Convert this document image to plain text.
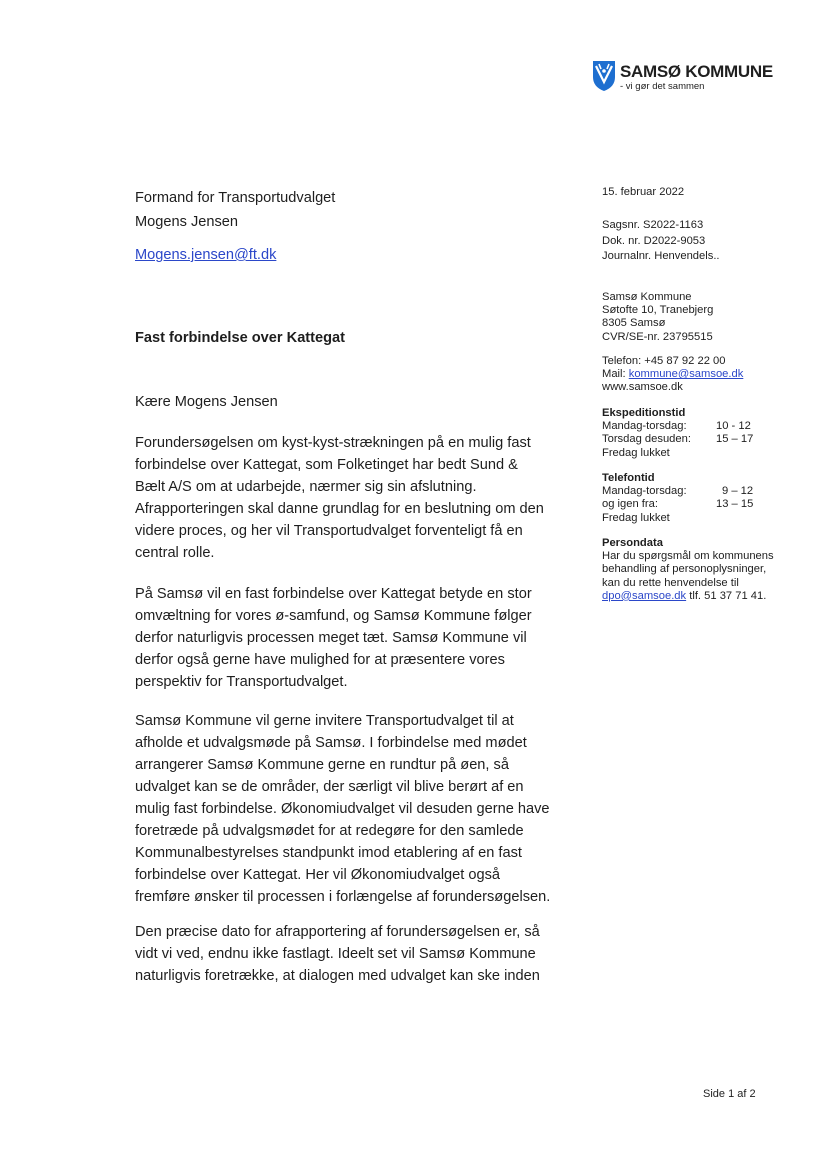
SAMSØ KOMMUNE
- vi gør det sammen

Formand for Transportudvalget

Mogens Jensen

Mogens.jensen@ft.dk
Fast forbindelse over Kattegat
Kære Mogens Jensen

Forundersøgelsen om kyst-kyst-strækningen på en mulig fast
forbindelse over Kattegat, som Folketinget har bedt Sund &
Bælt A/S om at udarbejde, nærmer sig sin afslutning.
Afrapporteringen skal danne grundlag for en beslutning om den
videre proces, og her vil Transportudvalget forventeligt få en
central rolle.

På Samsø vil en fast forbindelse over Kattegat betyde en stor
omvæltning for vores ø-samfund, og Samsø Kommune følger
derfor naturligvis processen meget tæt. Samsø Kommune vil
derfor også gerne have mulighed for at præsentere vores
perspektiv for Transportudvalget.

Samsø Kommune vil gerne invitere Transportudvalget til at
afholde et udvalgsmøde på Samsø. I forbindelse med mødet
arrangerer Samsø Kommune gerne en rundtur på øen, så
udvalget kan se de områder, der særligt vil blive berørt af en
mulig fast forbindelse. Økonomiudvalget vil desuden gerne have
foretræde på udvalgsmødet for at redegøre for den samlede
Kommunalbestyrelses standpunkt imod etablering af en fast
forbindelse over Kattegat. Her vil Økonomiudvalget også
fremføre ønsker til processen i forlængelse af forundersøgelsen.

Den præcise dato for afrapportering af forundersøgelsen er, så
vidt vi ved, endnu ikke fastlagt. Ideelt set vil Samsø Kommune
naturligvis foretrække, at dialogen med udvalget kan ske inden

15. februar 2022

Sagsnr. S2022-1163

Dok. nr. D2022-9053

Journalnr. Henvendels..

Samsø Kommune

Søtofte 10, Tranebjerg

8305 Samsø

CVR/SE-nr. 23795515

Telefon: +45 87 92 22 00

Mail: kommune@samsoe.dk

www.samsoe.dk

Ekspeditionstid

Mandag-torsdag:	10 - 12
Torsdag desuden: 15 – 17
Fredag lukket

Telefontid

Mandag-torsdag:	9 – 12
og igen fra:	13 – 15
Fredag lukket

Persondata

Har du spørgsmål om kommunens

behandling af personoplysninger,

kan du rette henvendelse til

dpo@samsoe.dk tlf. 51 37 71 41.

Side 1 af 2
